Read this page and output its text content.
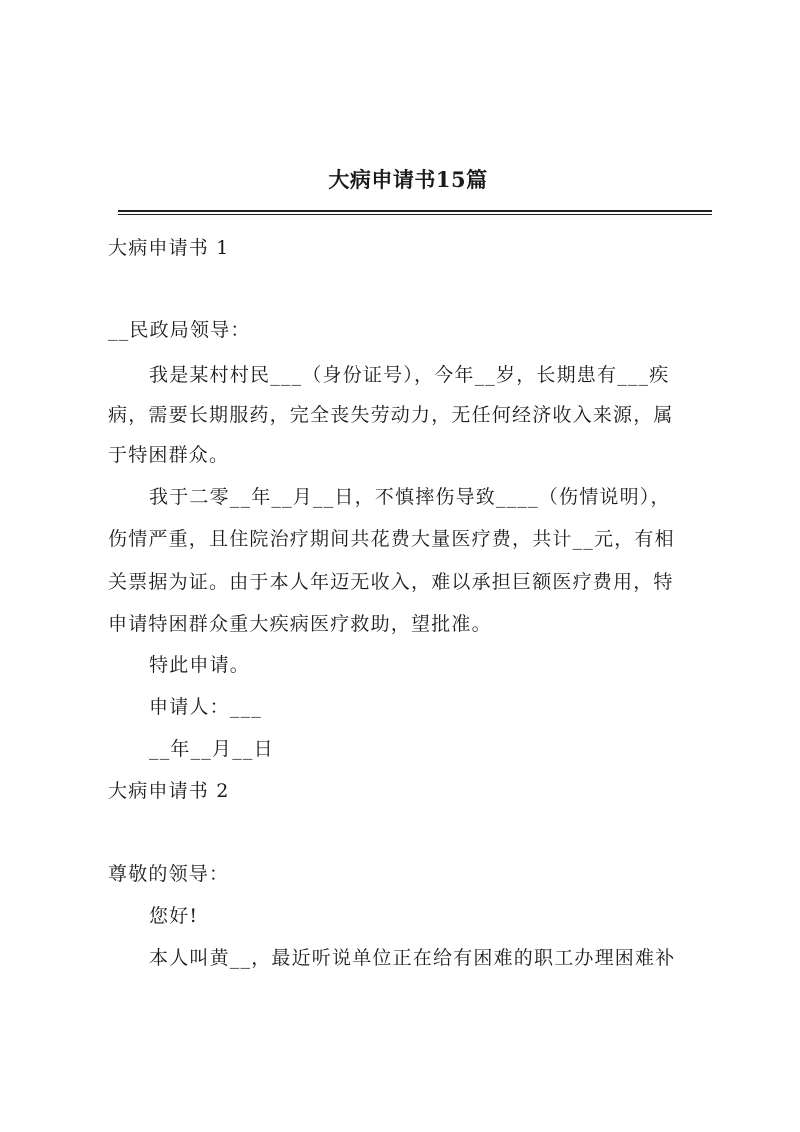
大病申请书15篇
大病申请书 1
__民政局领导：
我是某村村民___（身份证号），今年__岁，长期患有___疾
病，需要长期服药，完全丧失劳动力，无任何经济收入来源，属
于特困群众。
我于二零__年__月__日，不慎摔伤导致____（伤情说明），
伤情严重，且住院治疗期间共花费大量医疗费，共计__元，有相
关票据为证。由于本人年迈无收入，难以承担巨额医疗费用，特
申请特困群众重大疾病医疗救助，望批准。
特此申请。
申请人：___
__年__月__日
大病申请书 2
尊敬的领导：
您好!
本人叫黄__，最近听说单位正在给有困难的职工办理困难补
